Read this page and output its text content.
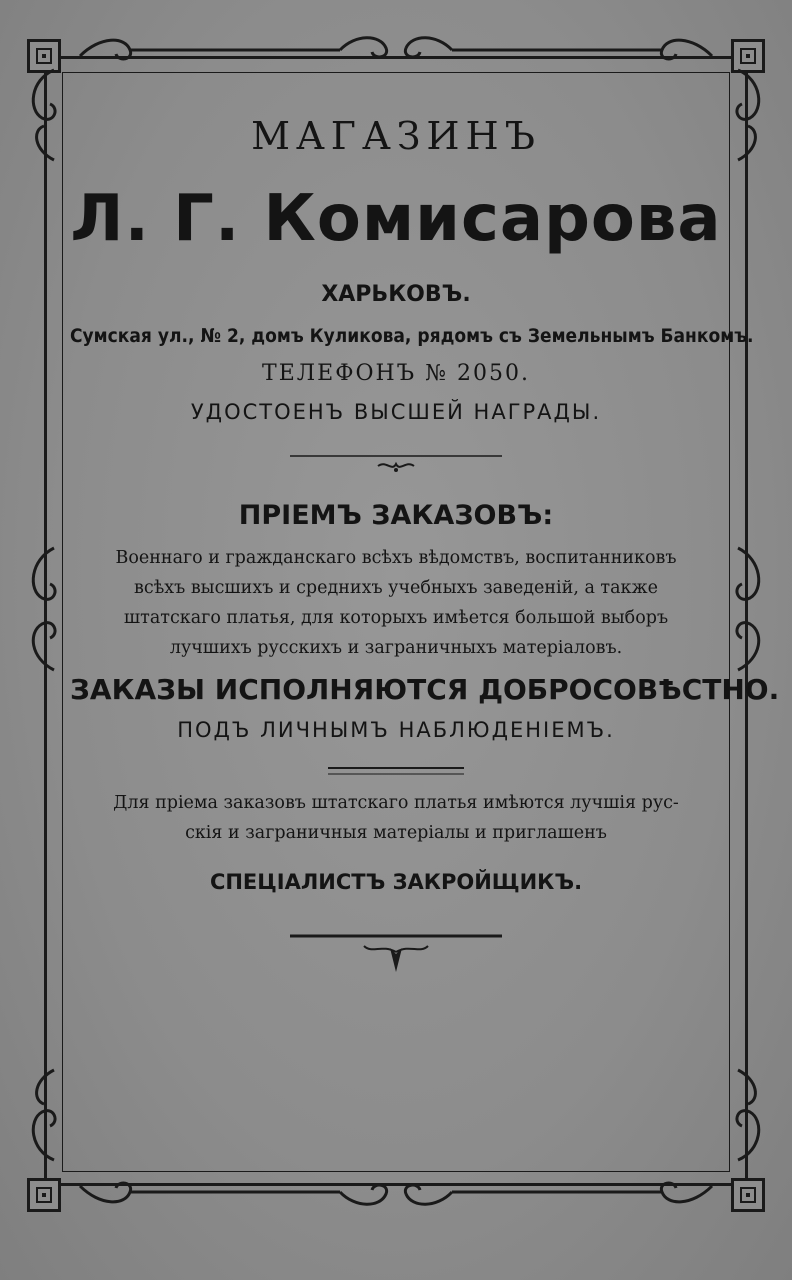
МАГАЗИНЪ
Л. Г. Комисарова
ХАРЬКОВЪ.
Сумская ул., № 2, домъ Куликова, рядомъ съ Земельнымъ Банкомъ.
ТЕЛЕФОНЪ № 2050.
УДОСТОЕНЪ ВЫСШЕЙ НАГРАДЫ.
ПРІЕМЪ ЗАКАЗОВЪ:
Военнаго и гражданскаго всѣхъ вѣдомствъ, воспитанниковъ
всѣхъ высшихъ и среднихъ учебныхъ заведеній, а также
штатскаго платья, для которыхъ имѣется большой выборъ
лучшихъ русскихъ и заграничныхъ матеріаловъ.
ЗАКАЗЫ ИСПОЛНЯЮТСЯ ДОБРОСОВѢСТНО.
ПОДЪ ЛИЧНЫМЪ НАБЛЮДЕНІЕМЪ.
Для пріема заказовъ штатскаго платья имѣются лучшія рус-
скія и заграничныя матеріалы и приглашенъ
СПЕЦІАЛИСТЪ ЗАКРОЙЩИКЪ.
